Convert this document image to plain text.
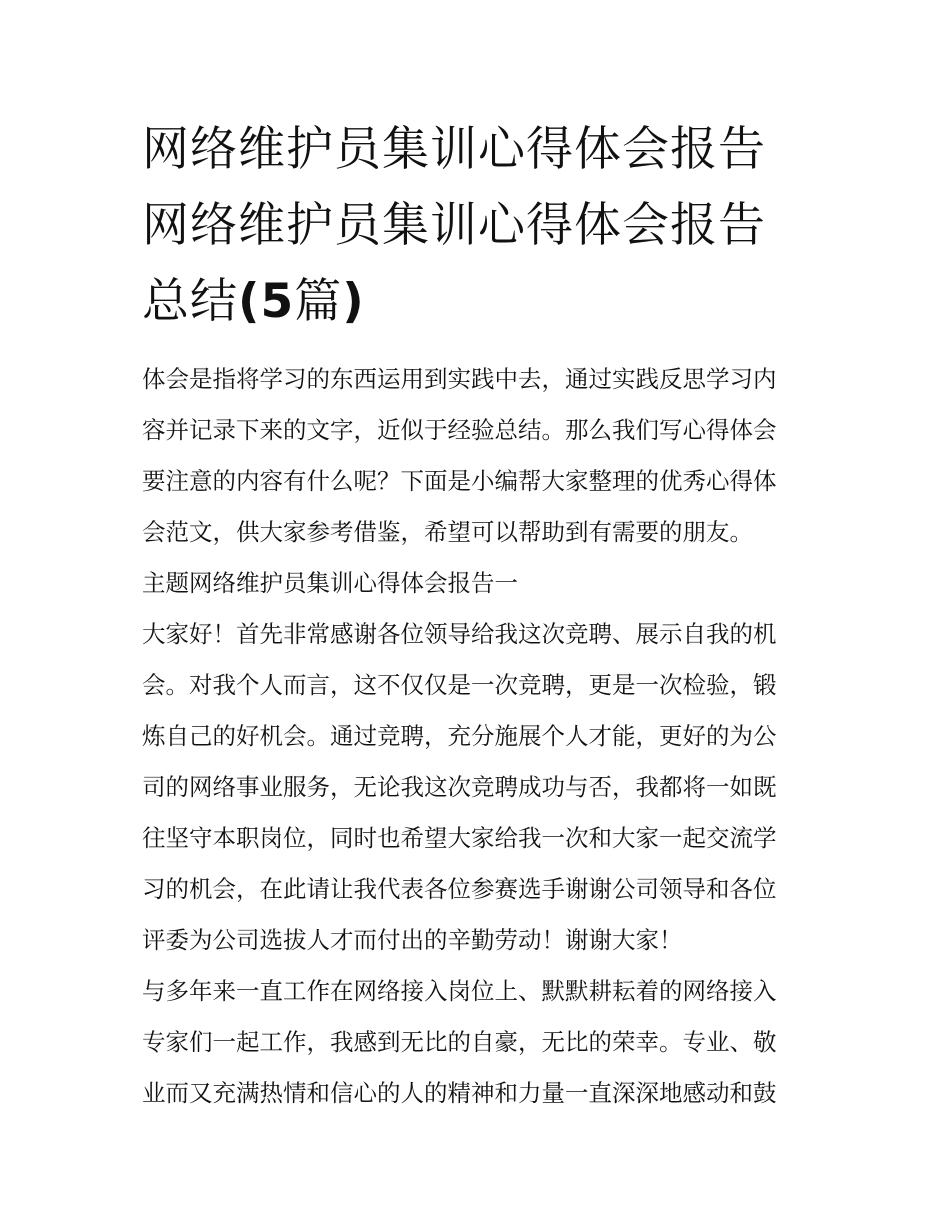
网络维护员集训心得体会报告
网络维护员集训心得体会报告
总结(5篇)

体会是指将学习的东西运用到实践中去，通过实践反思学习内
容并记录下来的文字，近似于经验总结。那么我们写心得体会
要注意的内容有什么呢？下面是小编帮大家整理的优秀心得体
会范文，供大家参考借鉴，希望可以帮助到有需要的朋友。

主题网络维护员集训心得体会报告一

大家好！首先非常感谢各位领导给我这次竞聘、展示自我的机
会。对我个人而言，这不仅仅是一次竞聘，更是一次检验，锻
炼自己的好机会。通过竞聘，充分施展个人才能，更好的为公
司的网络事业服务，无论我这次竞聘成功与否，我都将一如既
往坚守本职岗位，同时也希望大家给我一次和大家一起交流学
习的机会，在此请让我代表各位参赛选手谢谢公司领导和各位
评委为公司选拔人才而付出的辛勤劳动！谢谢大家！

与多年来一直工作在网络接入岗位上、默默耕耘着的网络接入
专家们一起工作，我感到无比的自豪，无比的荣幸。专业、敬
业而又充满热情和信心的人的精神和力量一直深深地感动和鼓
